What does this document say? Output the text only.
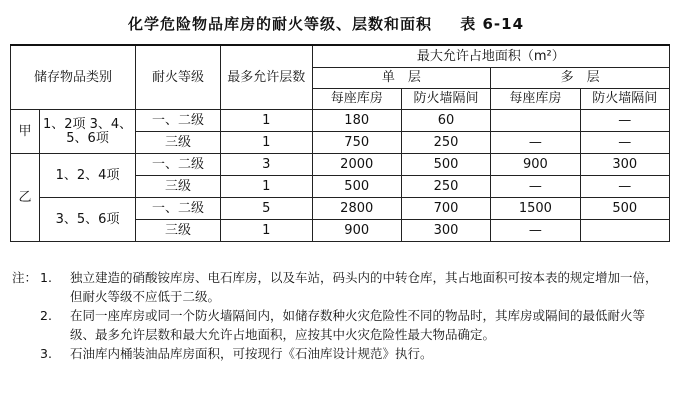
化学危险物品库房的耐火等级、层数和面积 表 6-14
储存物品类别		耐火等级	最多允许层数	最大允许占地面积（m²）			
				单　层		多　层	
				每座库房	防火墙隔间	每座库房	防火墙隔间
甲	1、2项 3、4、5、6项	一、二级	1	180	60		—
		三级	1	750	250	—	—
乙	1、2、4项	一、二级	3	2000	500	900	300
		三级	1	500	250	—	—
	3、5、6项	一、二级	5	2800	700	1500	500
		三级	1	900	300	—	
注： 1. 独立建造的硝酸铵库房、电石库房，以及车站，码头内的中转仓库，其占地面积可按本表的规定增加一倍，但耐火等级不应低于二级。
2. 在同一座库房或同一个防火墙隔间内，如储存数种火灾危险性不同的物品时，其库房或隔间的最低耐火等级、最多允许层数和最大允许占地面积，应按其中火灾危险性最大物品确定。
3. 石油库内桶装油品库房面积，可按现行《石油库设计规范》执行。
